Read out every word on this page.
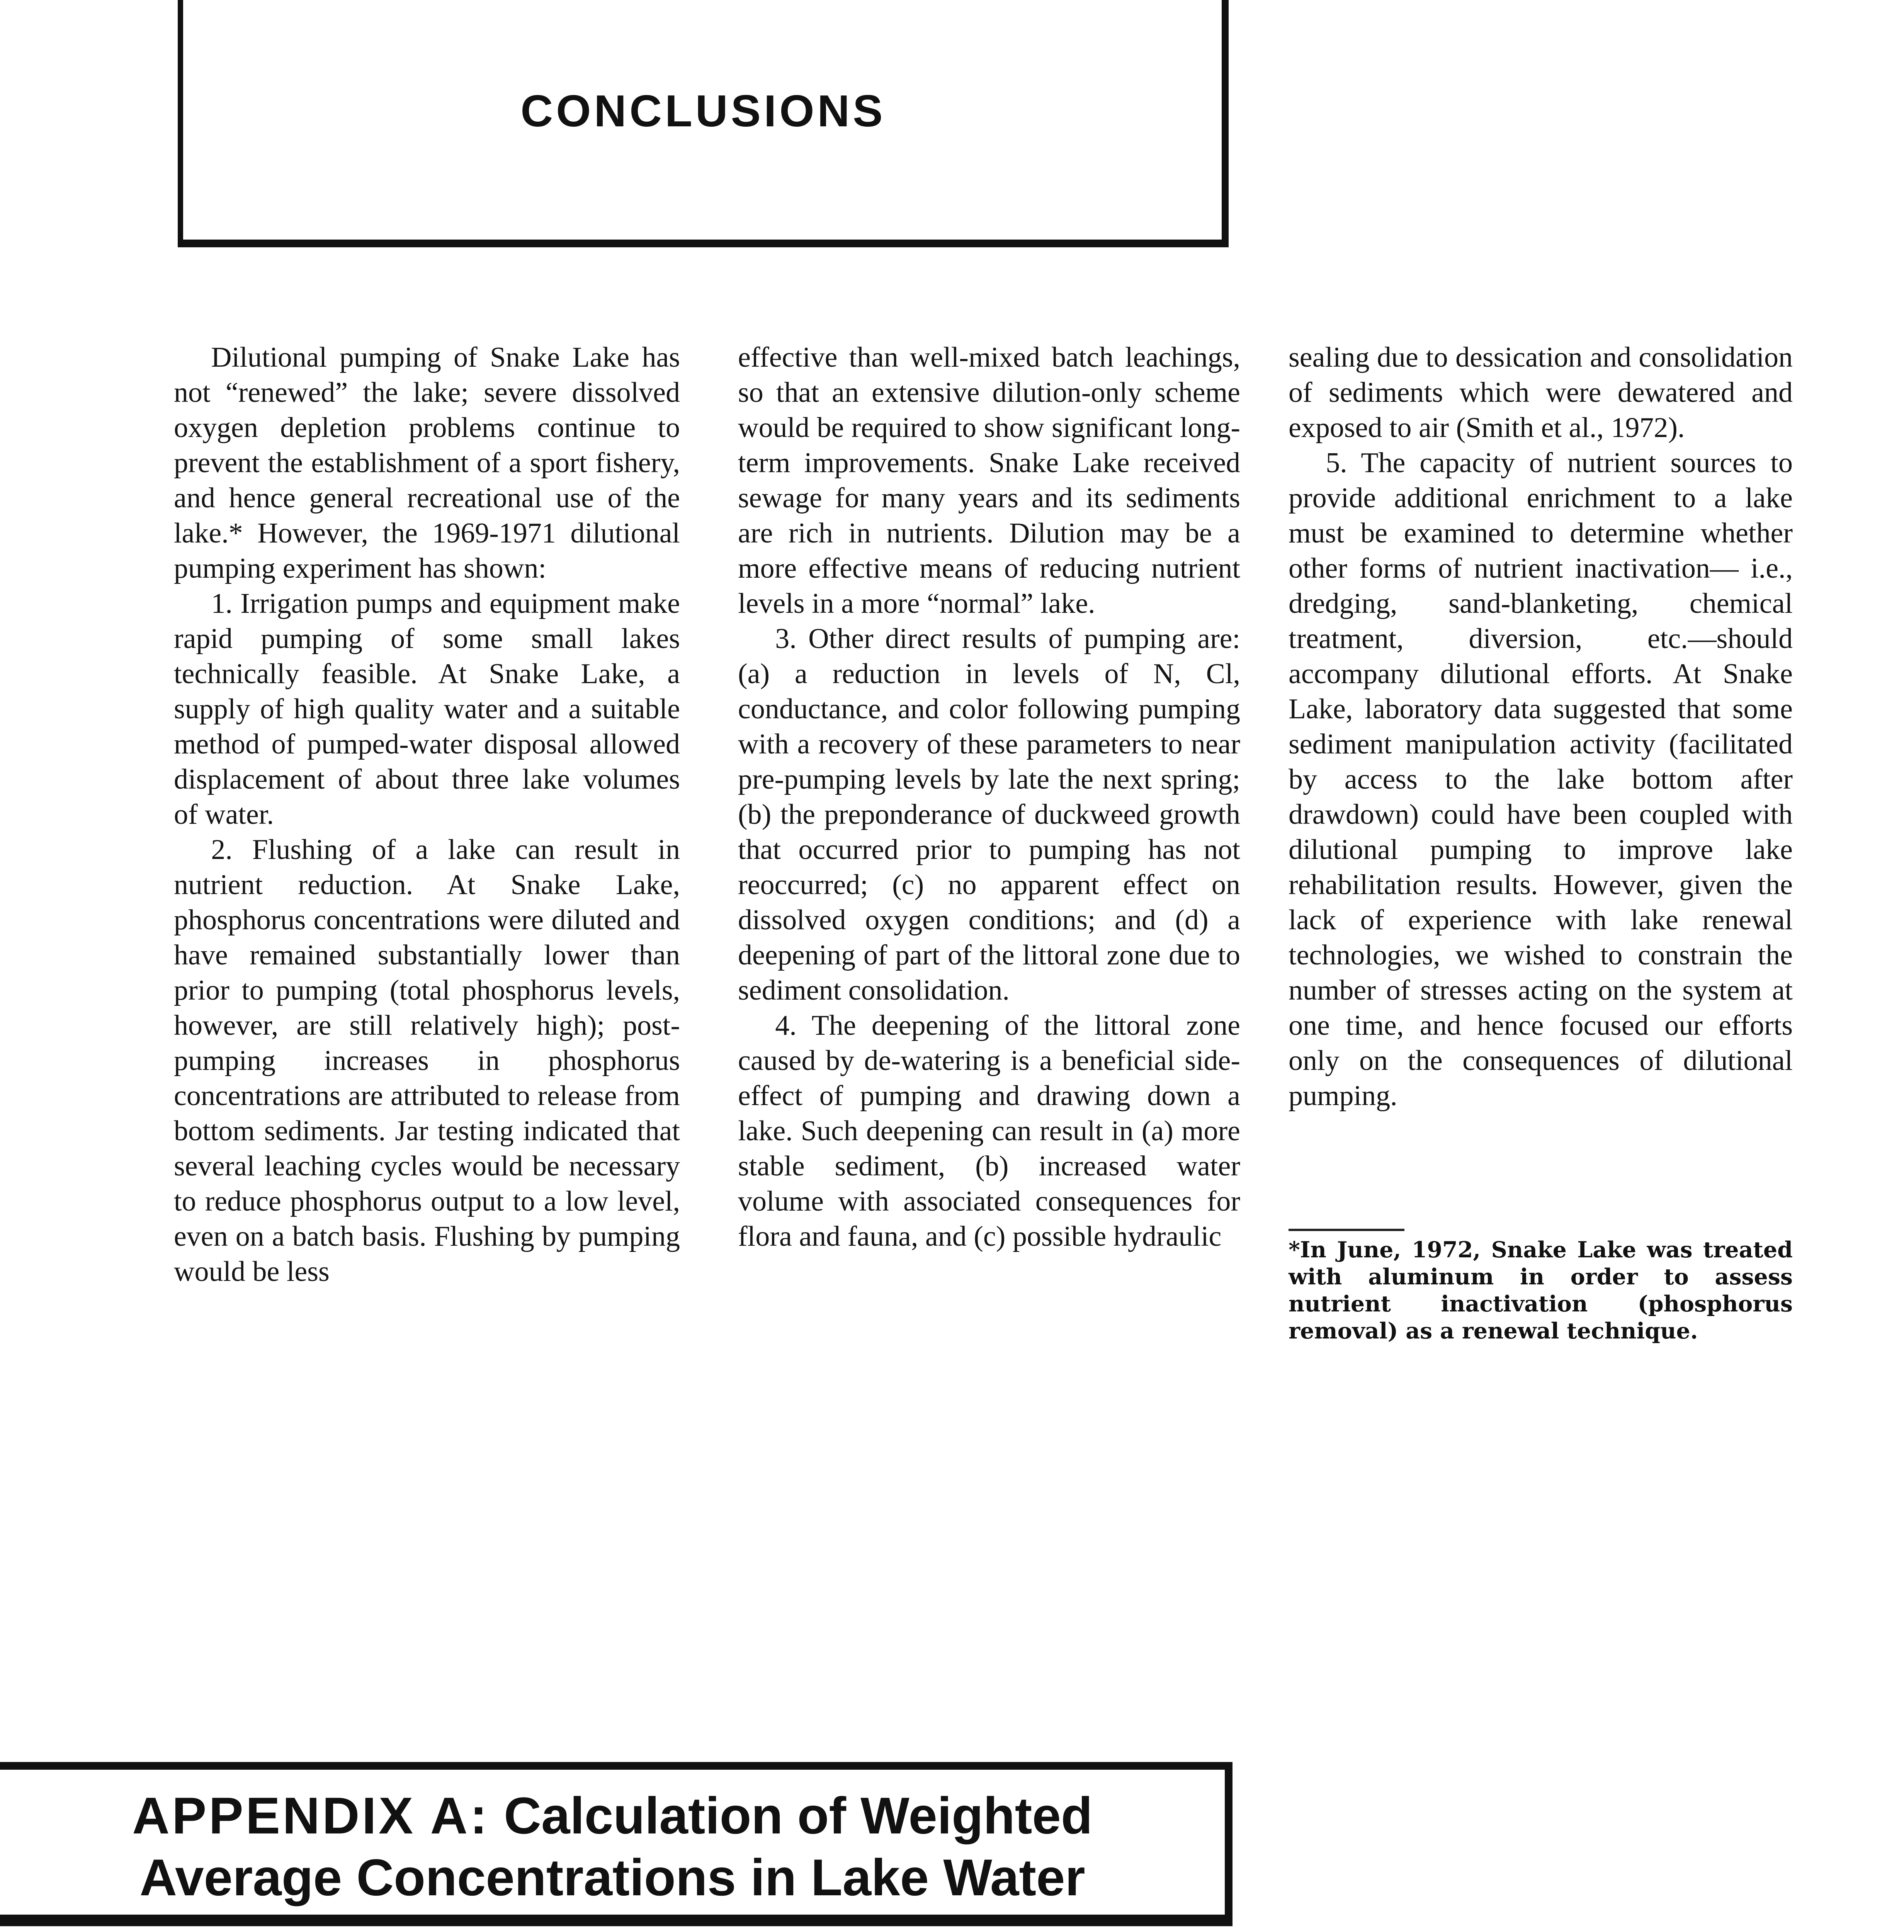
CONCLUSIONS

Dilutional pumping of Snake Lake has not “renewed” the lake; severe dissolved oxygen depletion problems continue to prevent the establishment of a sport fishery, and hence general recreational use of the lake.* However, the 1969-1971 dilutional pumping experiment has shown:

1. Irrigation pumps and equipment make rapid pumping of some small lakes technically feasible. At Snake Lake, a supply of high quality water and a suitable method of pumped-water disposal allowed displacement of about three lake volumes of water.

2. Flushing of a lake can result in nutrient reduction. At Snake Lake, phosphorus concentrations were diluted and have remained substantially lower than prior to pumping (total phosphorus levels, however, are still relatively high); post-pumping increases in phosphorus concentrations are attributed to release from bottom sediments. Jar testing indicated that several leaching cycles would be necessary to reduce phosphorus output to a low level, even on a batch basis. Flushing by pumping would be less

effective than well-mixed batch leachings, so that an extensive dilution-only scheme would be required to show significant long-term improvements. Snake Lake received sewage for many years and its sediments are rich in nutrients. Dilution may be a more effective means of reducing nutrient levels in a more “normal” lake.

3. Other direct results of pumping are: (a) a reduction in levels of N, Cl, conductance, and color following pumping with a recovery of these parameters to near pre-pumping levels by late the next spring; (b) the preponderance of duckweed growth that occurred prior to pumping has not reoccurred; (c) no apparent effect on dissolved oxygen conditions; and (d) a deepening of part of the littoral zone due to sediment consolidation.

4. The deepening of the littoral zone caused by de-watering is a beneficial side-effect of pumping and drawing down a lake. Such deepening can result in (a) more stable sediment, (b) increased water volume with associated consequences for flora and fauna, and (c) possible hydraulic

sealing due to dessication and consolidation of sediments which were dewatered and exposed to air (Smith et al., 1972).

5. The capacity of nutrient sources to provide additional enrichment to a lake must be examined to determine whether other forms of nutrient inactivation— i.e., dredging, sand-blanketing, chemical treatment, diversion, etc.—should accompany dilutional efforts. At Snake Lake, laboratory data suggested that some sediment manipulation activity (facilitated by access to the lake bottom after drawdown) could have been coupled with dilutional pumping to improve lake rehabilitation results. However, given the lack of experience with lake renewal technologies, we wished to constrain the number of stresses acting on the system at one time, and hence focused our efforts only on the consequences of dilutional pumping.

*In June, 1972, Snake Lake was treated with aluminum in order to assess nutrient inactivation (phosphorus removal) as a renewal technique.
APPENDIX A: Calculation of Weighted
Average Concentrations in Lake Water
